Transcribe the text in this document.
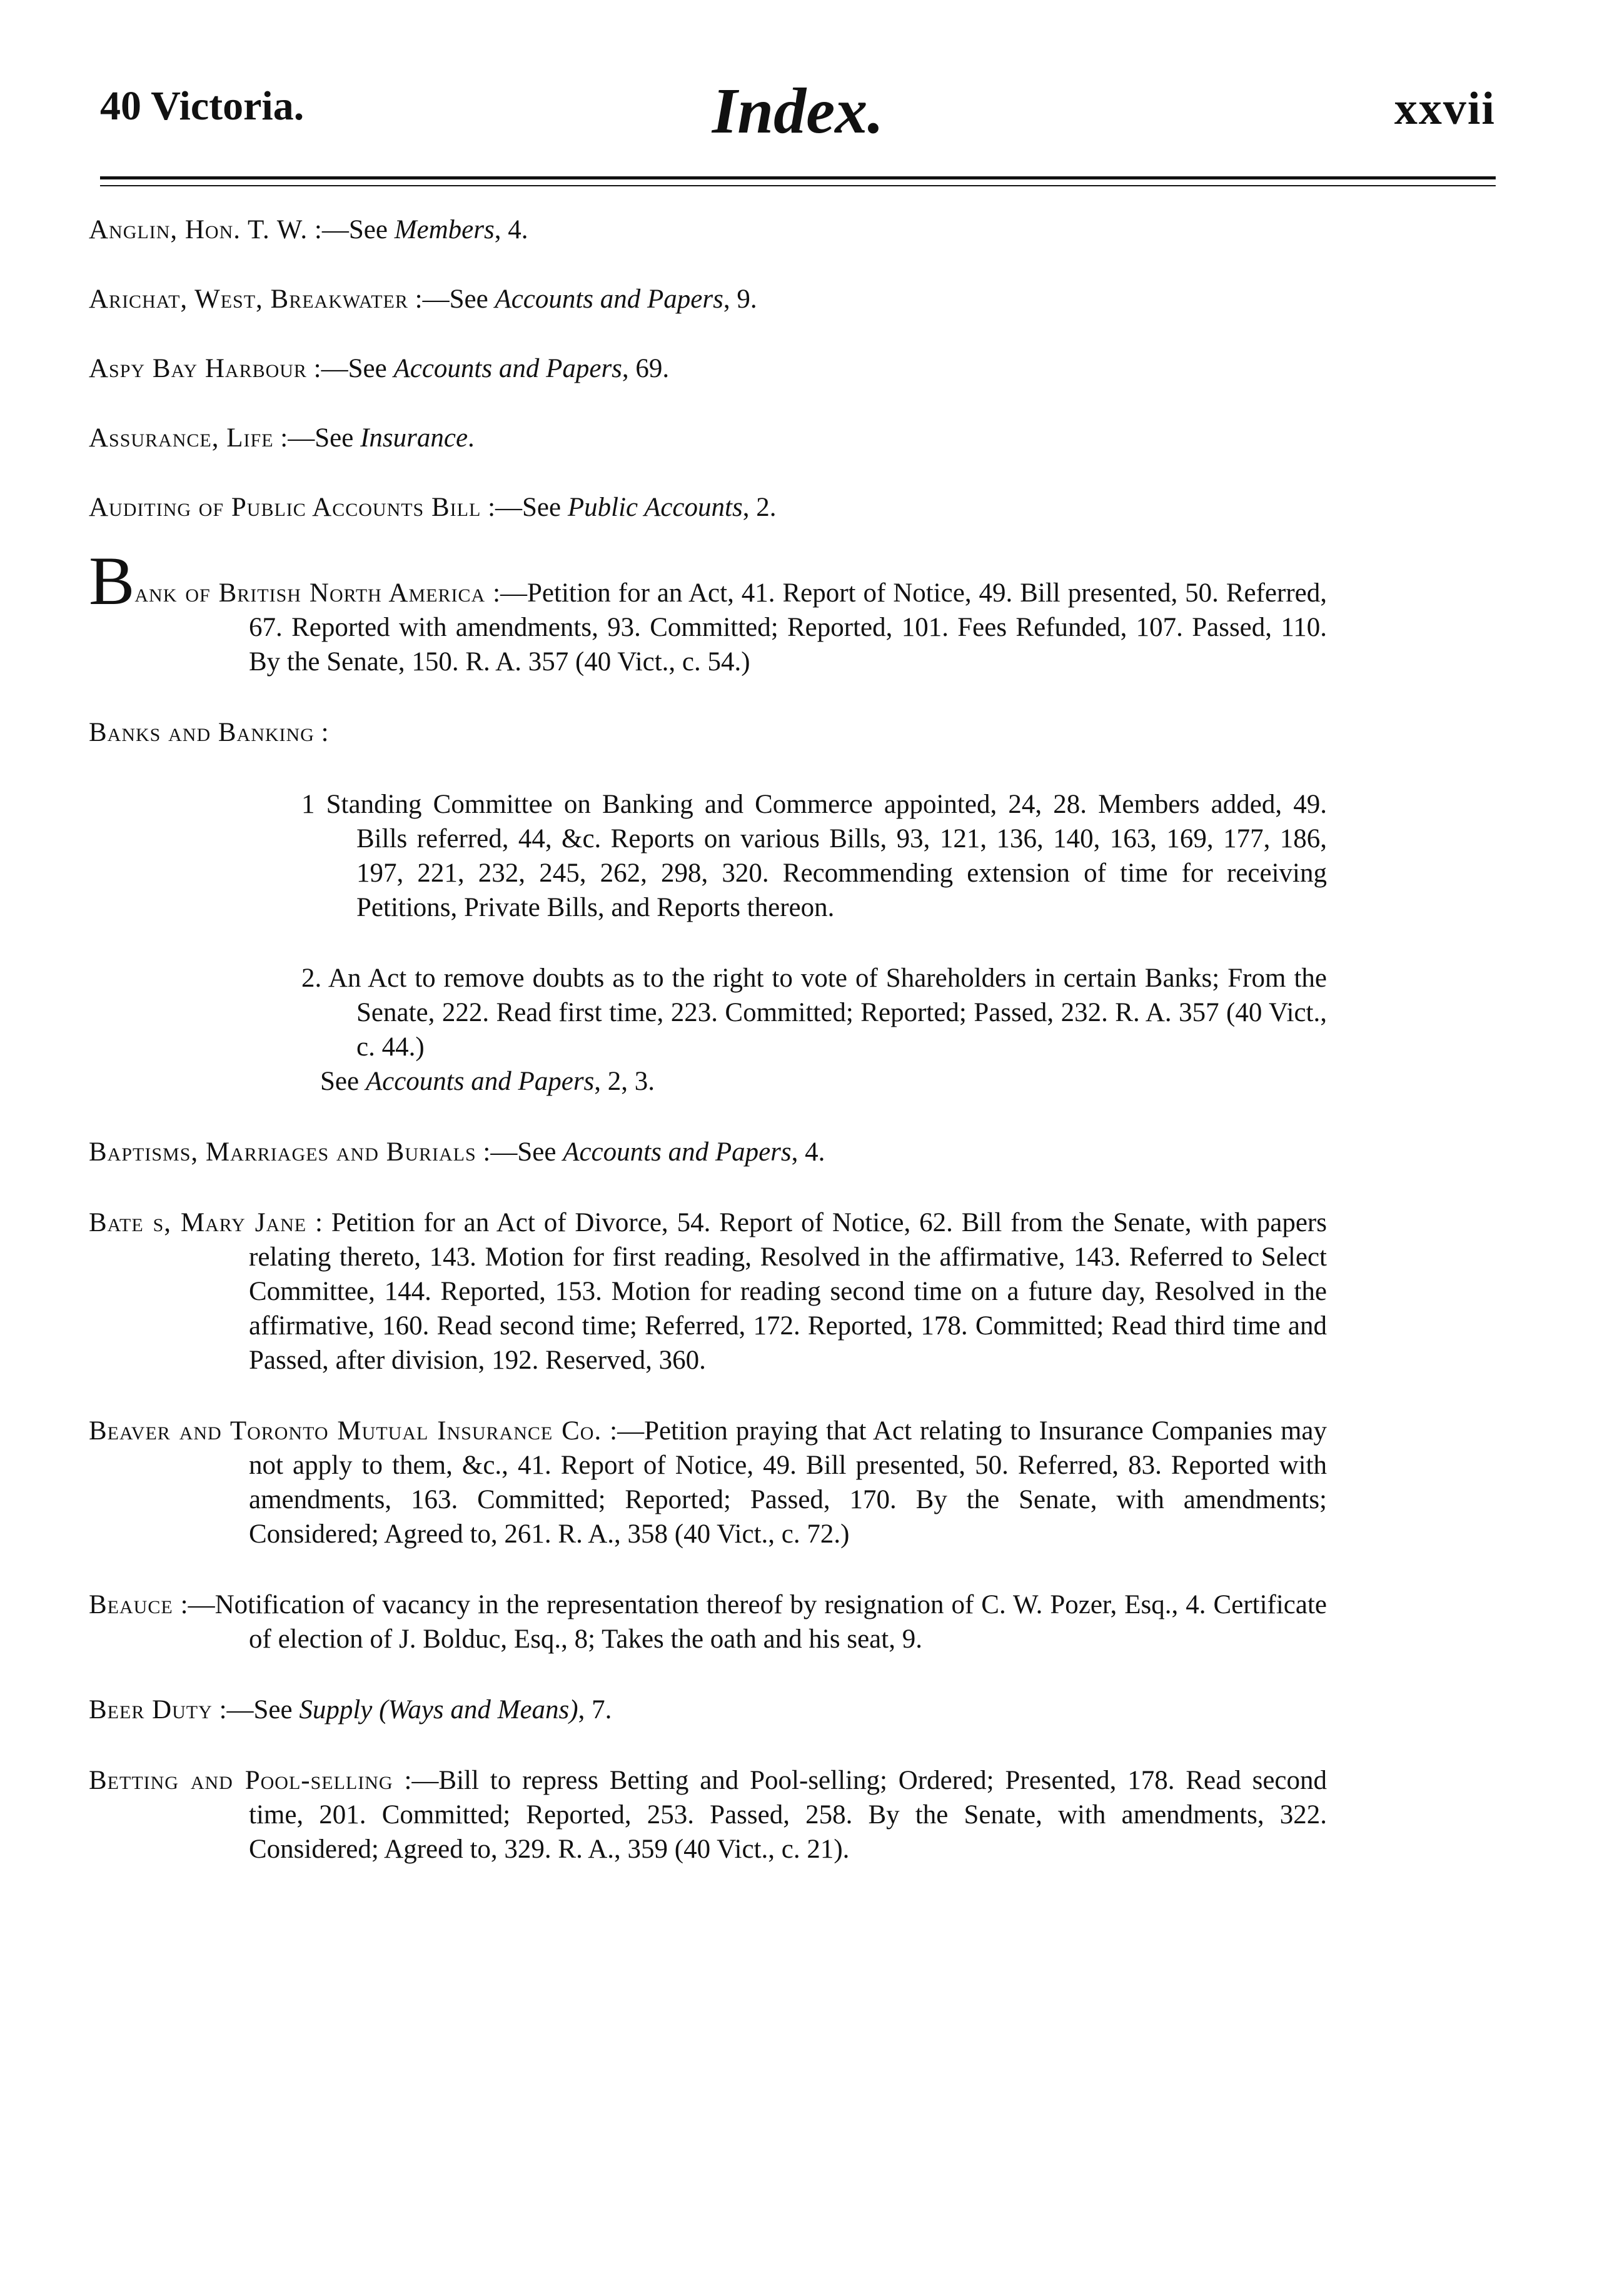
40 Victoria.	Index.	xxvii

Anglin, Hon. T. W. :—See Members, 4.

Arichat, West, Breakwater :—See Accounts and Papers, 9.

Aspy Bay Harbour :—See Accounts and Papers, 69.

Assurance, Life :—See Insurance.

Auditing of Public Accounts Bill :—See Public Accounts, 2.

Bank of British North America :—Petition for an Act, 41. Report of Notice, 49. Bill presented, 50. Referred, 67. Reported with amendments, 93. Committed; Reported, 101. Fees Refunded, 107. Passed, 110. By the Senate, 150. R. A. 357 (40 Vict., c. 54.)

Banks and Banking :

1 Standing Committee on Banking and Commerce appointed, 24, 28. Members added, 49. Bills referred, 44, &c. Reports on various Bills, 93, 121, 136, 140, 163, 169, 177, 186, 197, 221, 232, 245, 262, 298, 320. Recommending extension of time for receiving Petitions, Private Bills, and Reports thereon.

2. An Act to remove doubts as to the right to vote of Shareholders in certain Banks; From the Senate, 222. Read first time, 223. Committed; Reported; Passed, 232. R. A. 357 (40 Vict., c. 44.)

See Accounts and Papers, 2, 3.

Baptisms, Marriages and Burials :—See Accounts and Papers, 4.

Bate s, Mary Jane : Petition for an Act of Divorce, 54. Report of Notice, 62. Bill from the Senate, with papers relating thereto, 143. Motion for first reading, Resolved in the affirmative, 143. Referred to Select Committee, 144. Reported, 153. Motion for reading second time on a future day, Resolved in the affirmative, 160. Read second time; Referred, 172. Reported, 178. Committed; Read third time and Passed, after division, 192. Reserved, 360.

Beaver and Toronto Mutual Insurance Co. :—Petition praying that Act relating to Insurance Companies may not apply to them, &c., 41. Report of Notice, 49. Bill presented, 50. Referred, 83. Reported with amendments, 163. Committed; Reported; Passed, 170. By the Senate, with amendments; Considered; Agreed to, 261. R. A., 358 (40 Vict., c. 72.)

Beauce :—Notification of vacancy in the representation thereof by resignation of C. W. Pozer, Esq., 4. Certificate of election of J. Bolduc, Esq., 8; Takes the oath and his seat, 9.

Beer Duty :—See Supply (Ways and Means), 7.

Betting and Pool-selling :—Bill to repress Betting and Pool-selling; Ordered; Presented, 178. Read second time, 201. Committed; Reported, 253. Passed, 258. By the Senate, with amendments, 322. Considered; Agreed to, 329. R. A., 359 (40 Vict., c. 21).
